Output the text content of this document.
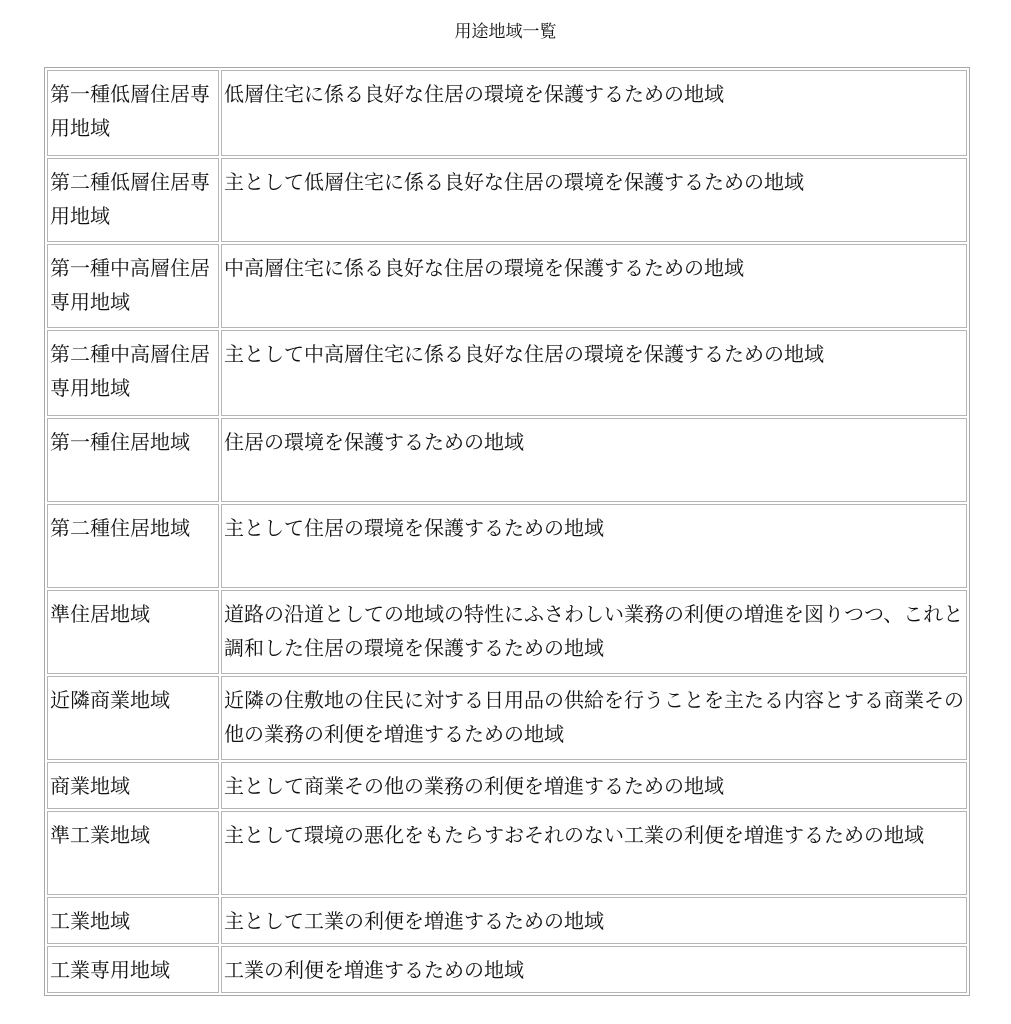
用途地域一覧
第一種低層住居専用地域	低層住宅に係る良好な住居の環境を保護するための地域
第二種低層住居専用地域	主として低層住宅に係る良好な住居の環境を保護するための地域
第一種中高層住居専用地域	中高層住宅に係る良好な住居の環境を保護するための地域
第二種中高層住居専用地域	主として中高層住宅に係る良好な住居の環境を保護するための地域
第一種住居地域	住居の環境を保護するための地域
第二種住居地域	主として住居の環境を保護するための地域
準住居地域	道路の沿道としての地域の特性にふさわしい業務の利便の増進を図りつつ、これと調和した住居の環境を保護するための地域
近隣商業地域	近隣の住敷地の住民に対する日用品の供給を行うことを主たる内容とする商業その他の業務の利便を増進するための地域
商業地域	主として商業その他の業務の利便を増進するための地域
準工業地域	主として環境の悪化をもたらすおそれのない工業の利便を増進するための地域
工業地域	主として工業の利便を増進するための地域
工業専用地域	工業の利便を増進するための地域
